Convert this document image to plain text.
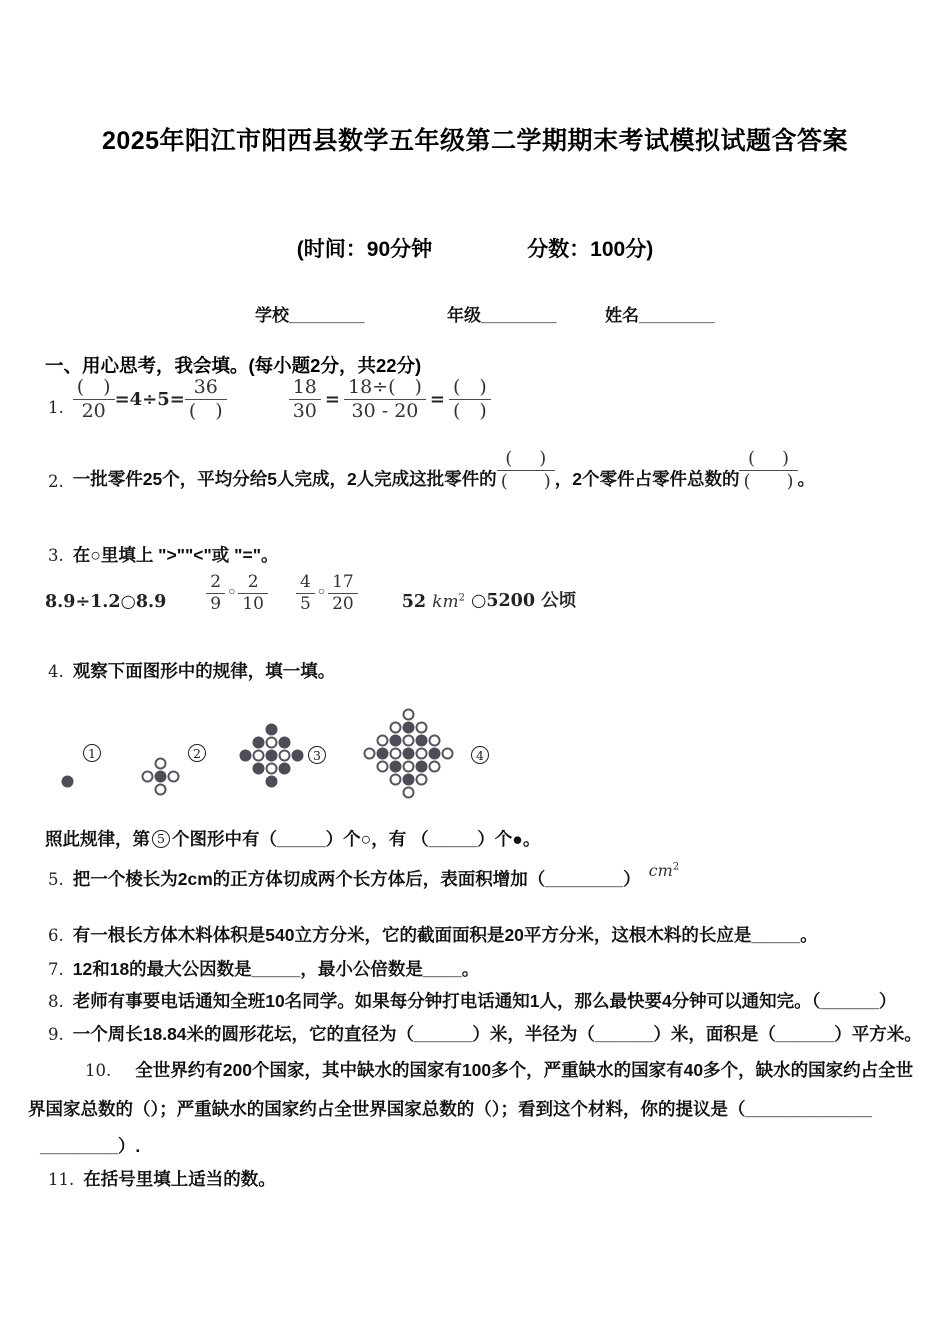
2025年阳江市阳西县数学五年级第二学期期末考试模拟试题含答案
(时间：90分钟	分数：100分)
学校________	年级________	姓名________
一、用心思考，我会填。(每小题2分，共22分)
1. $\frac{( )}{20} =4\div 5= \frac{36}{( )}$	$\frac{18}{30} = \frac{18\div( )}{30 - 20} = \frac{( )}{( )}$
2. 一批零件25个，平均分给5人完成，2人完成这批零件的 $\frac{( )}{( )}$ ，2个零件占零件总数的 $\frac{( )}{( )}$ 。
3. 在○里填上 ">""<"或 "="。
8.9÷1.2○8.9 $\frac{2}{9}$ ○ $\frac{2}{10} \frac{4}{5}$ ○ $\frac{17}{20}$	52 $km^2$ ○5200 公顷
4. 观察下面图形中的规律，填一填。
1	2	3	4
照此规律，第 5 个图形中有（_____）个○，有 （_____）个●。
5. 把一个棱长为2cm的正方体切成两个长方体后，表面积增加（________） $cm^2$
6. 有一根长方体木料体积是540立方分米，它的截面面积是20平方分米，这根木料的长应是_____。
7. 12和18的最大公因数是_____，最小公倍数是____。
8. 老师有事要电话通知全班10名同学。如果每分钟打电话通知1人，那么最快要4分钟可以通知完。（______）
9. 一个周长18.84米的圆形花坛，它的直径为（______）米，半径为（______）米，面积是（______）平方米。
10. 全世界约有200个国家，其中缺水的国家有100多个，严重缺水的国家有40多个，缺水的国家约占全世
界国家总数的（）；严重缺水的国家约占全世界国家总数的（）；看到这个材料，你的提议是（_____________
________）.
11. 在括号里填上适当的数。
